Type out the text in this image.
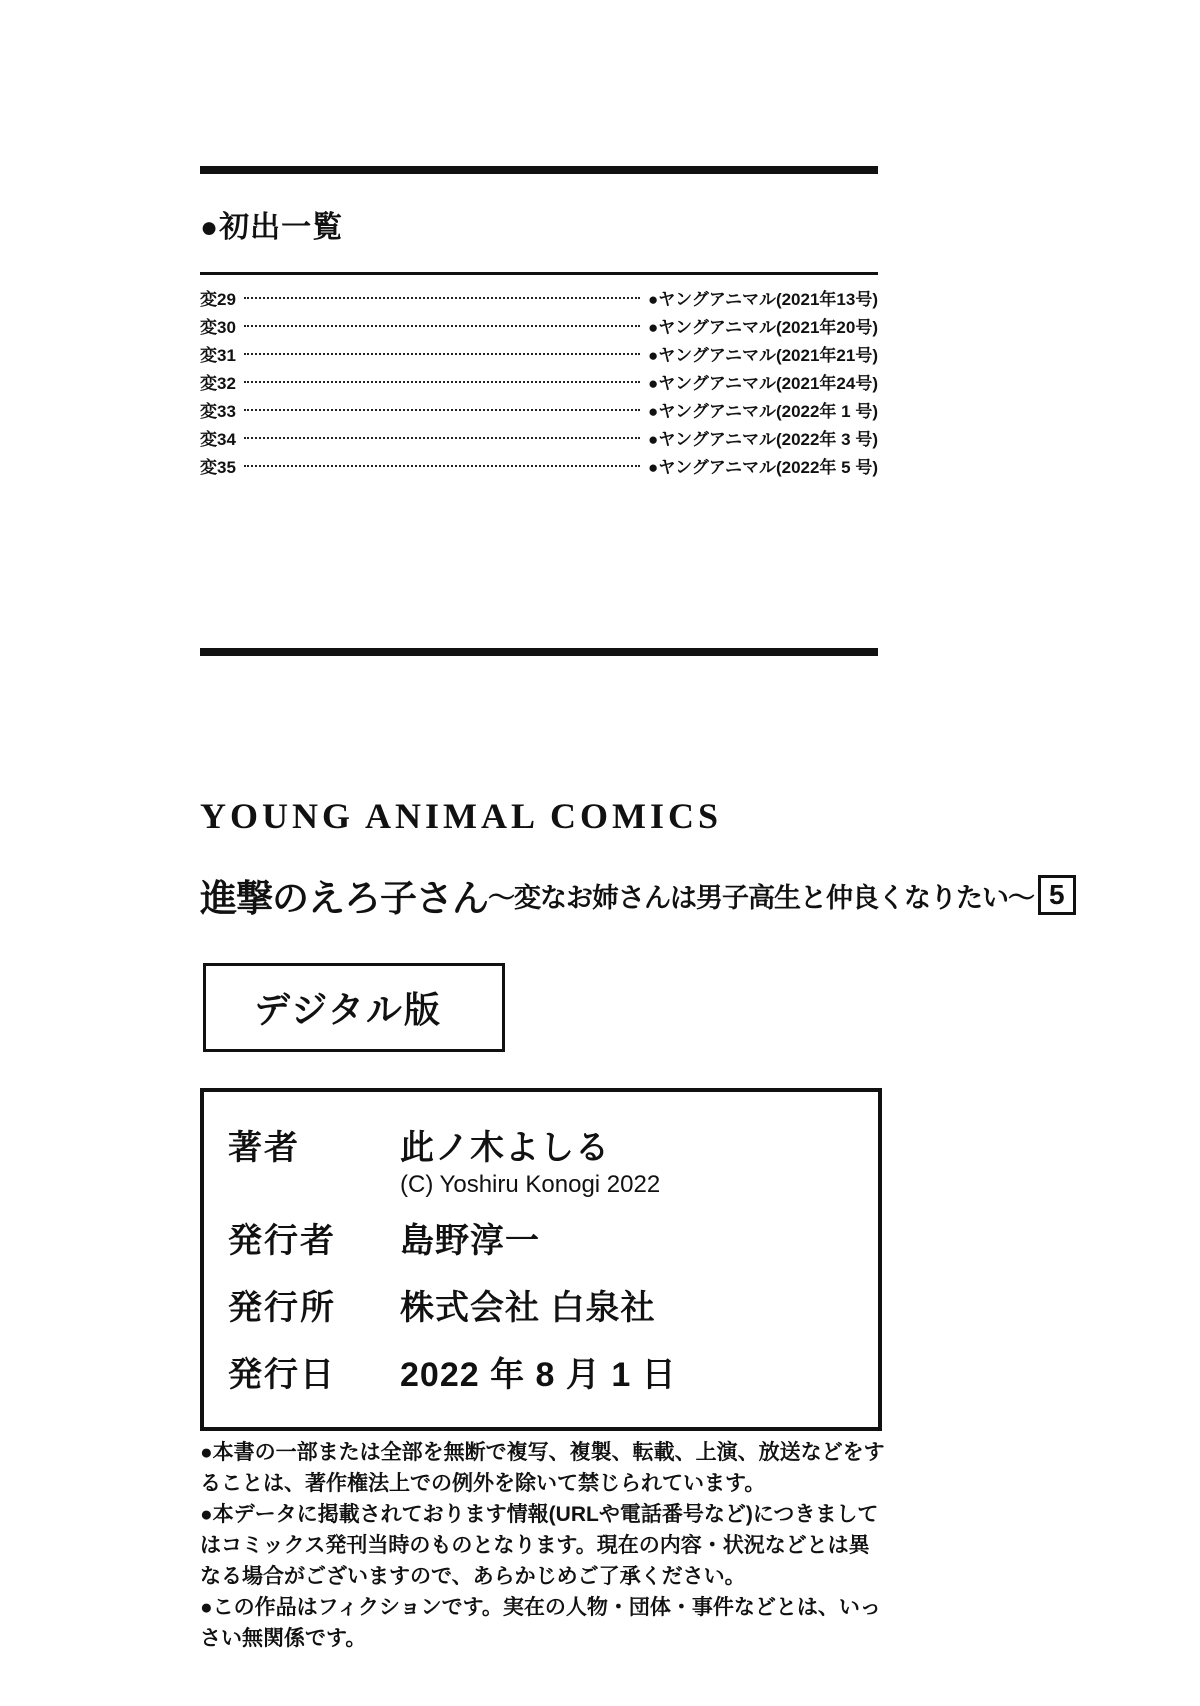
●初出一覧
変29	●ヤングアニマル(2021年13号)
変30	●ヤングアニマル(2021年20号)
変31	●ヤングアニマル(2021年21号)
変32	●ヤングアニマル(2021年24号)
変33	●ヤングアニマル(2022年 1 号)
変34	●ヤングアニマル(2022年 3 号)
変35	●ヤングアニマル(2022年 5 号)
YOUNG ANIMAL COMICS
進撃のえろ子さん ～変なお姉さんは男子高生と仲良くなりたい～ 5
デジタル版
著者	此ノ木よしる
(C) Yoshiru Konogi 2022
発行者	島野淳一
発行所	株式会社 白泉社
発行日	2022 年 8 月 1 日

●本書の一部または全部を無断で複写、複製、転載、上演、放送などをすることは、著作権法上での例外を除いて禁じられています。

●本データに掲載されております情報(URLや電話番号など)につきましてはコミックス発刊当時のものとなります。現在の内容・状況などとは異なる場合がございますので、あらかじめご了承ください。

●この作品はフィクションです。実在の人物・団体・事件などとは、いっさい無関係です。
